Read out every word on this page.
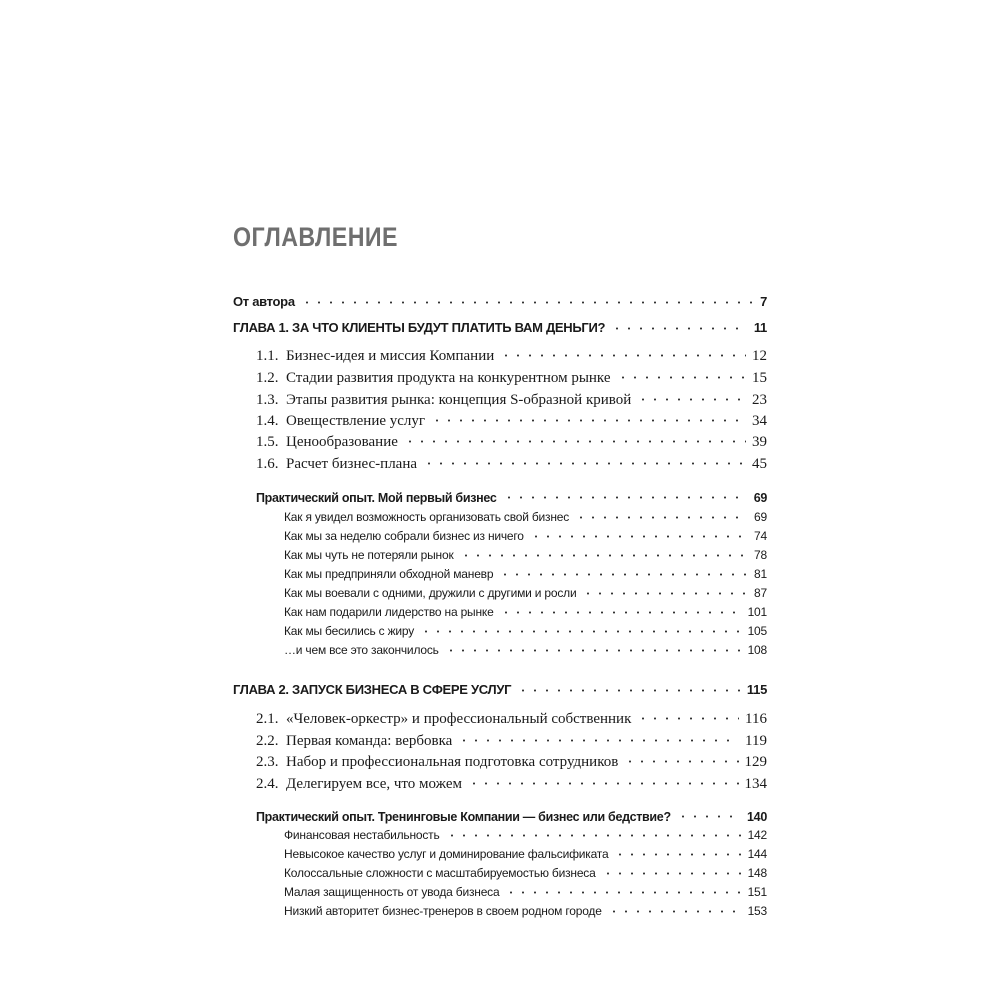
ОГЛАВЛЕНИЕ
От автора	7
ГЛАВА 1. ЗА ЧТО КЛИЕНТЫ БУДУТ ПЛАТИТЬ ВАМ ДЕНЬГИ?	11
1.1. Бизнес-идея и миссия Компании	12
1.2. Стадии развития продукта на конкурентном рынке	15
1.3. Этапы развития рынка: концепция S-образной кривой	23
1.4. Овеществление услуг	34
1.5. Ценообразование	39
1.6. Расчет бизнес-плана	45
Практический опыт. Мой первый бизнес	69
Как я увидел возможность организовать свой бизнес	69
Как мы за неделю собрали бизнес из ничего	74
Как мы чуть не потеряли рынок	78
Как мы предприняли обходной маневр	81
Как мы воевали с одними, дружили с другими и росли	87
Как нам подарили лидерство на рынке	101
Как мы бесились с жиру	105
…и чем все это закончилось	108
ГЛАВА 2. ЗАПУСК БИЗНЕСА В СФЕРЕ УСЛУГ	115
2.1. «Человек-оркестр» и профессиональный собственник	116
2.2. Первая команда: вербовка	119
2.3. Набор и профессиональная подготовка сотрудников	129
2.4. Делегируем все, что можем	134
Практический опыт. Тренинговые Компании — бизнес или бедствие?	140
Финансовая нестабильность	142
Невысокое качество услуг и доминирование фальсификата	144
Колоссальные сложности с масштабируемостью бизнеса	148
Малая защищенность от увода бизнеса	151
Низкий авторитет бизнес-тренеров в своем родном городе	153
